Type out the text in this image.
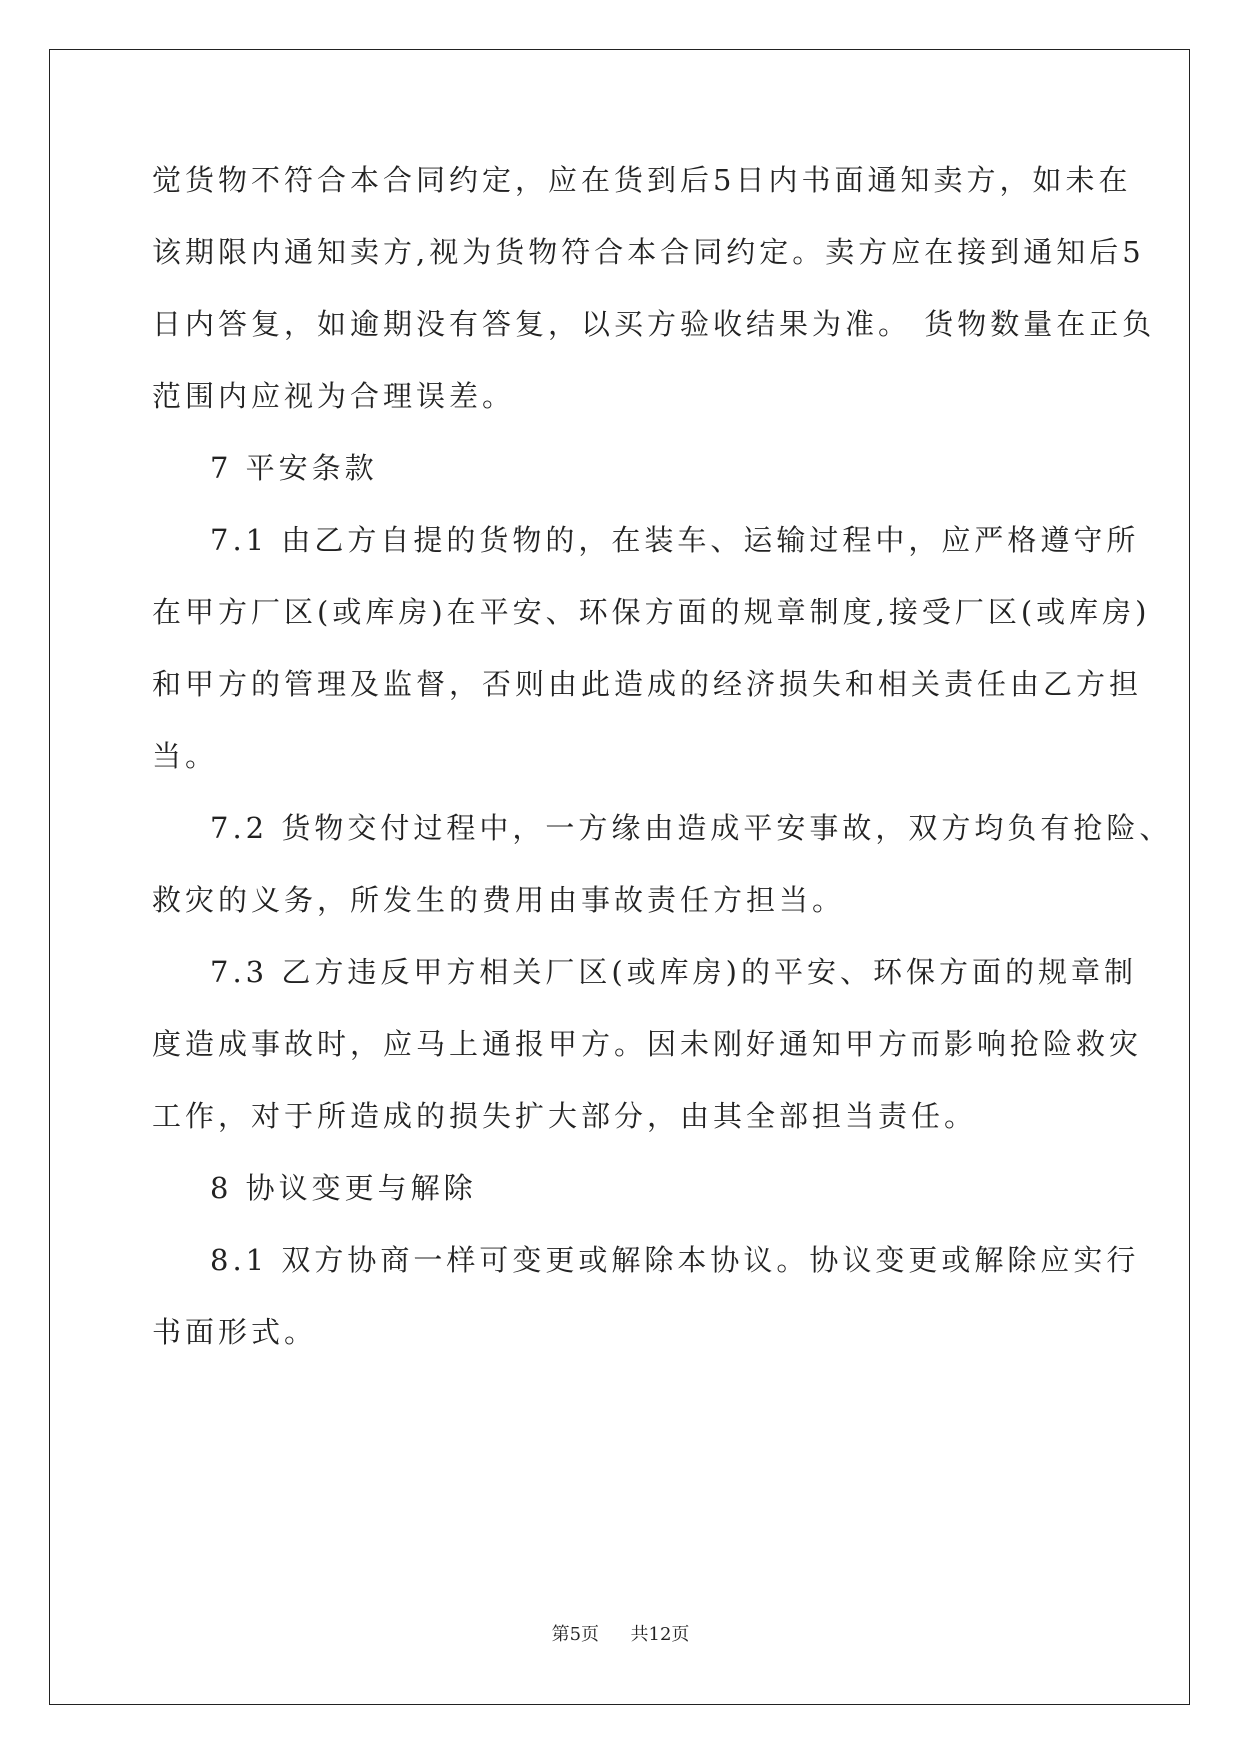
觉货物不符合本合同约定，应在货到后5日内书面通知卖方，如未在
该期限内通知卖方,视为货物符合本合同约定。卖方应在接到通知后5
日内答复，如逾期没有答复，以买方验收结果为准。 货物数量在正负
范围内应视为合理误差。
7 平安条款
7.1 由乙方自提的货物的，在装车、运输过程中，应严格遵守所
在甲方厂区(或库房)在平安、环保方面的规章制度,接受厂区(或库房)
和甲方的管理及监督，否则由此造成的经济损失和相关责任由乙方担
当。
7.2 货物交付过程中，一方缘由造成平安事故，双方均负有抢险、
救灾的义务，所发生的费用由事故责任方担当。
7.3 乙方违反甲方相关厂区(或库房)的平安、环保方面的规章制
度造成事故时，应马上通报甲方。因未刚好通知甲方而影响抢险救灾
工作，对于所造成的损失扩大部分，由其全部担当责任。
8 协议变更与解除
8.1 双方协商一样可变更或解除本协议。协议变更或解除应实行
书面形式。
第5页 共12页
